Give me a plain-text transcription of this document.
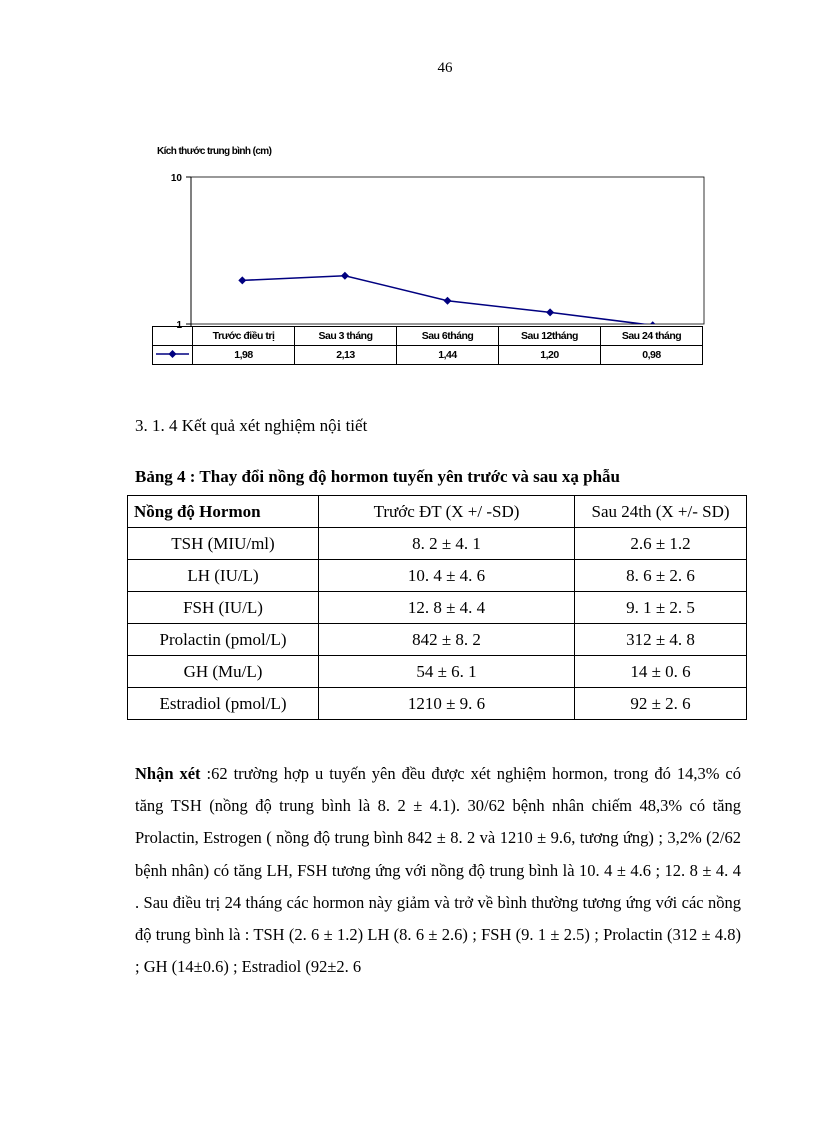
46
10
1
Kích thước trung bình (cm)
	Trước điều trị	Sau 3 tháng	Sau 6tháng	Sau 12tháng	Sau 24 tháng
	1,98	2,13	1,44	1,20	0,98
3. 1. 4 Kết quả xét nghiệm nội tiết
Bảng 4 : Thay đổi nồng độ hormon tuyến yên trước và sau xạ phẫu
Nồng độ Hormon	Trước ĐT (X +/ -SD)	Sau 24th (X +/- SD)
TSH (MIU/ml)	8. 2 ± 4. 1	2.6 ± 1.2
LH (IU/L)	10. 4 ± 4. 6	8. 6 ± 2. 6
FSH (IU/L)	12. 8 ± 4. 4	9. 1 ± 2. 5
Prolactin (pmol/L)	842 ± 8. 2	312 ± 4. 8
GH (Mu/L)	54 ± 6. 1	14 ± 0. 6
Estradiol (pmol/L)	1210 ± 9. 6	92 ± 2. 6
Nhận xét :62 trường hợp u tuyến yên đều được xét nghiệm hormon, trong đó 14,3% có tăng TSH (nồng độ trung bình là 8. 2 ± 4.1). 30/62 bệnh nhân chiếm 48,3% có tăng Prolactin, Estrogen ( nồng độ trung bình 842 ± 8. 2 và 1210 ± 9.6, tương ứng) ; 3,2% (2/62 bệnh nhân) có tăng LH, FSH tương ứng với nồng độ trung bình là 10. 4 ± 4.6 ; 12. 8 ± 4. 4 . Sau điều trị 24 tháng các hormon này giảm và trở về bình thường tương ứng với các nồng độ trung bình là : TSH (2. 6 ± 1.2) LH (8. 6 ± 2.6) ; FSH (9. 1 ± 2.5) ; Prolactin (312 ± 4.8) ; GH (14±0.6) ; Estradiol (92±2. 6
